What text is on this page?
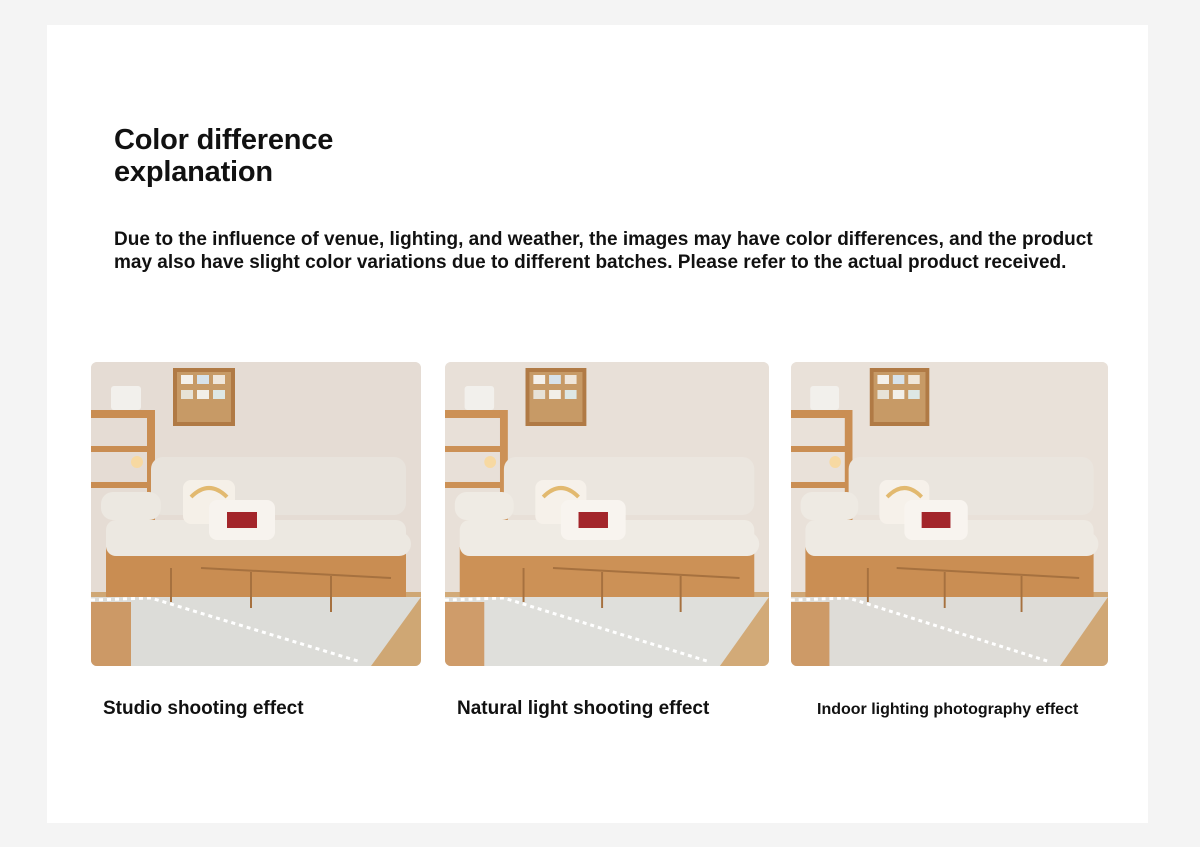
Color difference
explanation

Due to the influence of venue, lighting, and weather, the images may have color differences, and the product may also have slight color variations due to different batches. Please refer to the actual product received.

Studio shooting effect	Natural light shooting effect	Indoor lighting photography effect
